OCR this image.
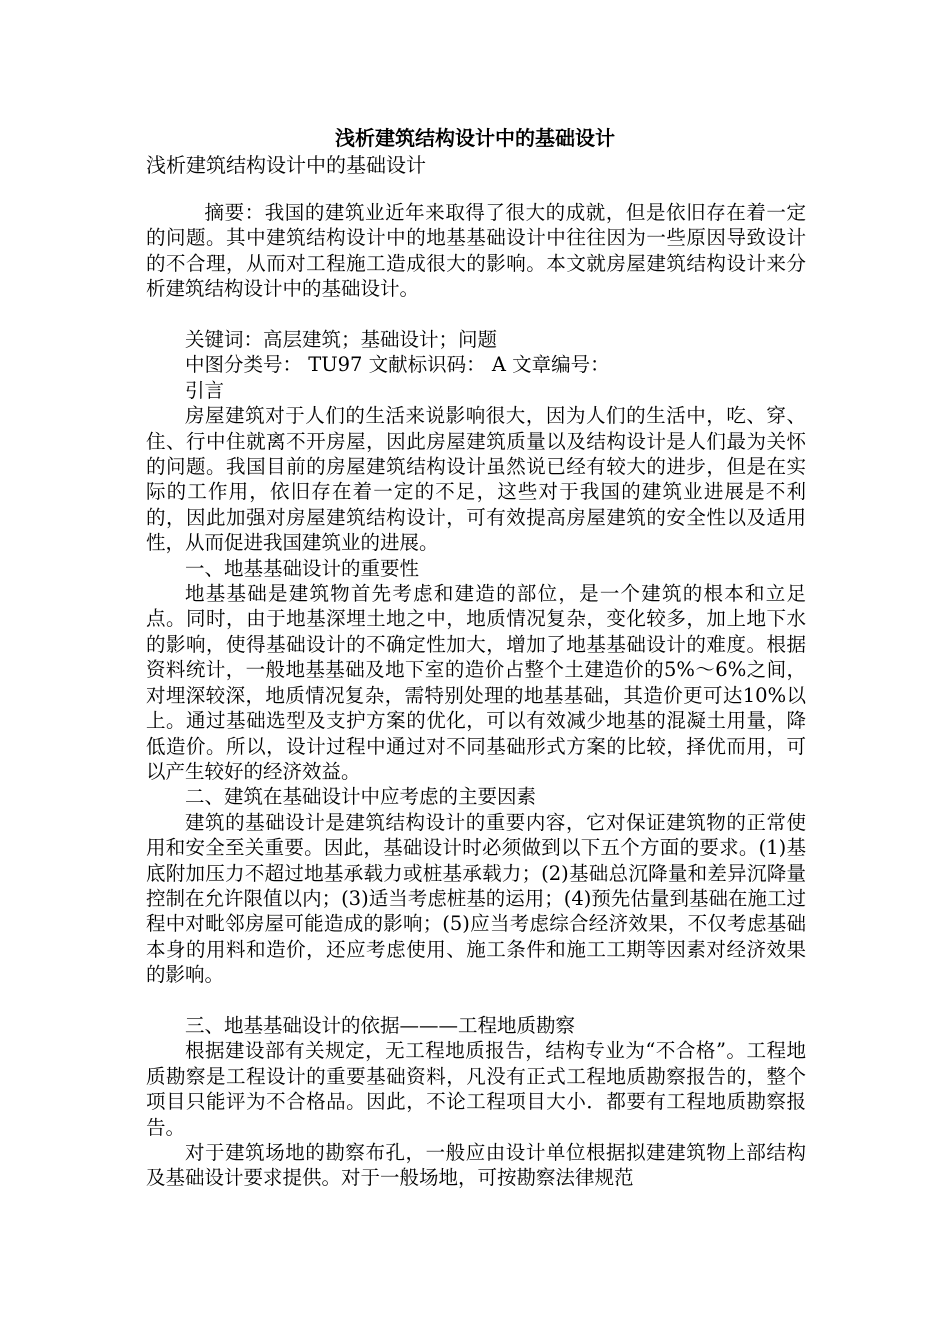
浅析建筑结构设计中的基础设计
浅析建筑结构设计中的基础设计

摘要：我国的建筑业近年来取得了很大的成就，但是依旧存在着一定的问题。其中建筑结构设计中的地基基础设计中往往因为一些原因导致设计的不合理，从而对工程施工造成很大的影响。本文就房屋建筑结构设计来分析建筑结构设计中的基础设计。

关键词：高层建筑；基础设计；问题

中图分类号： TU97 文献标识码： A 文章编号：

引言

房屋建筑对于人们的生活来说影响很大，因为人们的生活中，吃、穿、住、行中住就离不开房屋，因此房屋建筑质量以及结构设计是人们最为关怀的问题。我国目前的房屋建筑结构设计虽然说已经有较大的进步，但是在实际的工作用，依旧存在着一定的不足，这些对于我国的建筑业进展是不利的，因此加强对房屋建筑结构设计，可有效提高房屋建筑的安全性以及适用性，从而促进我国建筑业的进展。

一、地基基础设计的重要性

地基基础是建筑物首先考虑和建造的部位，是一个建筑的根本和立足点。同时，由于地基深埋土地之中，地质情况复杂，变化较多，加上地下水的影响，使得基础设计的不确定性加大，增加了地基基础设计的难度。根据资料统计，一般地基基础及地下室的造价占整个土建造价的5%～6%之间，对埋深较深，地质情况复杂，需特别处理的地基基础，其造价更可达10%以上。通过基础选型及支护方案的优化，可以有效减少地基的混凝土用量，降低造价。所以，设计过程中通过对不同基础形式方案的比较，择优而用，可以产生较好的经济效益。

二、建筑在基础设计中应考虑的主要因素

建筑的基础设计是建筑结构设计的重要内容，它对保证建筑物的正常使用和安全至关重要。因此，基础设计时必须做到以下五个方面的要求。(1)基底附加压力不超过地基承载力或桩基承载力；(2)基础总沉降量和差异沉降量控制在允许限值以内；(3)适当考虑桩基的运用；(4)预先估量到基础在施工过程中对毗邻房屋可能造成的影响；(5)应当考虑综合经济效果，不仅考虑基础本身的用料和造价，还应考虑使用、施工条件和施工工期等因素对经济效果的影响。

三、地基基础设计的依据———工程地质勘察

根据建设部有关规定，无工程地质报告，结构专业为“不合格”。工程地质勘察是工程设计的重要基础资料，凡没有正式工程地质勘察报告的，整个项目只能评为不合格品。因此，不论工程项目大小．都要有工程地质勘察报告。

对于建筑场地的勘察布孔，一般应由设计单位根据拟建建筑物上部结构及基础设计要求提供。对于一般场地，可按勘察法律规范
